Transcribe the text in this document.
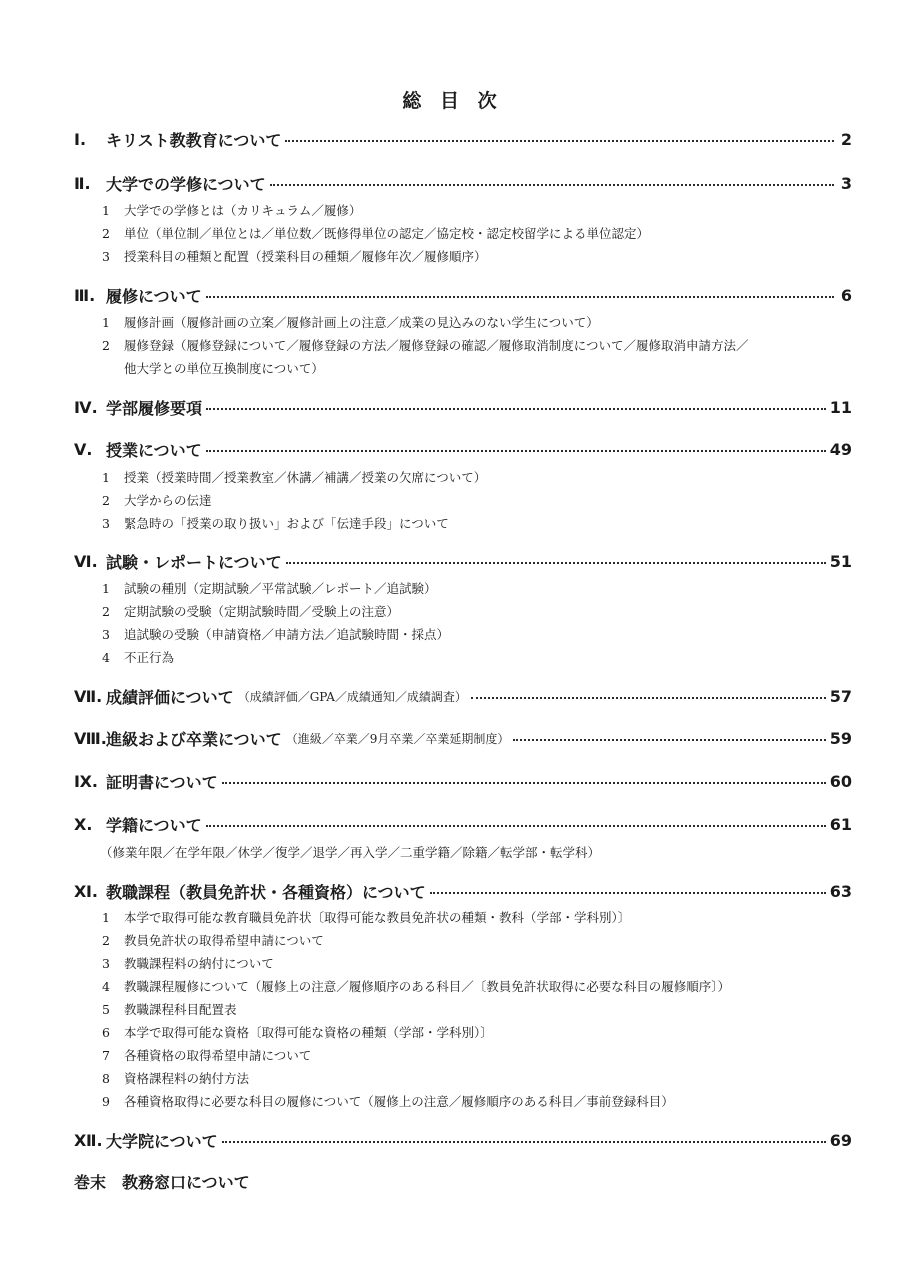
総 目 次
Ⅰ.	キリスト教教育について	2
Ⅱ. 大学での学修について	3
1	大学での学修とは（カリキュラム／履修）
2	単位（単位制／単位とは／単位数／既修得単位の認定／協定校・認定校留学による単位認定）
3	授業科目の種類と配置（授業科目の種類／履修年次／履修順序）
Ⅲ. 履修について	6
1	履修計画（履修計画の立案／履修計画上の注意／成業の見込みのない学生について）
2	履修登録（履修登録について／履修登録の方法／履修登録の確認／履修取消制度について／履修取消申請方法／
他大学との単位互換制度について）
Ⅳ. 学部履修要項	11
Ⅴ. 授業について	49
1	授業（授業時間／授業教室／休講／補講／授業の欠席について）
2	大学からの伝達
3	緊急時の「授業の取り扱い」および「伝達手段」について
Ⅵ. 試験・レポートについて	51
1	試験の種別（定期試験／平常試験／レポート／追試験）
2	定期試験の受験（定期試験時間／受験上の注意）
3	追試験の受験（申請資格／申請方法／追試験時間・採点）
4	不正行為
Ⅶ. 成績評価について （成績評価／GPA／成績通知／成績調査）	57
Ⅷ. 進級および卒業について （進級／卒業／9月卒業／卒業延期制度）	59
Ⅸ. 証明書について	60
Ⅹ. 学籍について	61
（修業年限／在学年限／休学／復学／退学／再入学／二重学籍／除籍／転学部・転学科）
Ⅺ. 教職課程（教員免許状・各種資格）について	63
1	本学で取得可能な教育職員免許状〔取得可能な教員免許状の種類・教科（学部・学科別）〕
2	教員免許状の取得希望申請について
3	教職課程料の納付について
4	教職課程履修について（履修上の注意／履修順序のある科目／〔教員免許状取得に必要な科目の履修順序〕）
5	教職課程科目配置表
6	本学で取得可能な資格〔取得可能な資格の種類（学部・学科別）〕
7	各種資格の取得希望申請について
8	資格課程料の納付方法
9	各種資格取得に必要な科目の履修について（履修上の注意／履修順序のある科目／事前登録科目）
Ⅻ. 大学院について	69
巻末　教務窓口について
